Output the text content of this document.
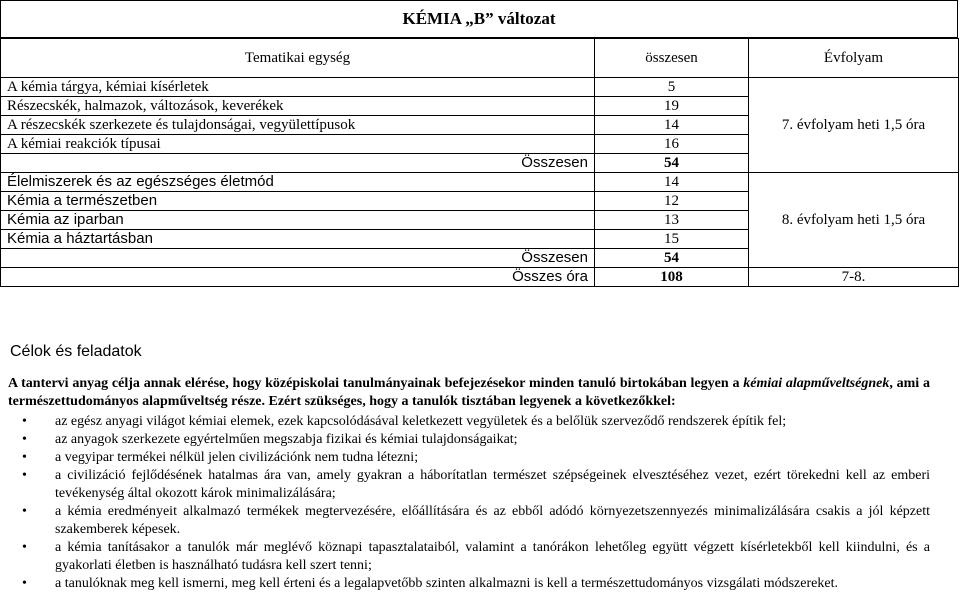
KÉMIA „B” változat
Tematikai egység	összesen	Évfolyam
A kémia tárgya, kémiai kísérletek	5	7. évfolyam heti 1,5 óra
Részecskék, halmazok, változások, keverékek	19	
A részecskék szerkezete és tulajdonságai, vegyülettípusok	14	
A kémiai reakciók típusai	16	
Összesen	54	
Élelmiszerek és az egészséges életmód	14	8. évfolyam heti 1,5 óra
Kémia a természetben	12	
Kémia az iparban	13	
Kémia a háztartásban	15	
Összesen	54	
Összes óra	108	7-8.
Célok és feladatok
A tantervi anyag célja annak elérése, hogy középiskolai tanulmányainak befejezésekor minden tanuló birtokában legyen a kémiai alapműveltségnek, ami a természettudományos alapműveltség része. Ezért szükséges, hogy a tanulók tisztában legyenek a következőkkel:
• az egész anyagi világot kémiai elemek, ezek kapcsolódásával keletkezett vegyületek és a belőlük szerveződő rendszerek építik fel;
• az anyagok szerkezete egyértelműen megszabja fizikai és kémiai tulajdonságaikat;
• a vegyipar termékei nélkül jelen civilizációnk nem tudna létezni;
• a civilizáció fejlődésének hatalmas ára van, amely gyakran a háborítatlan természet szépségeinek elvesztéséhez vezet, ezért törekedni kell az emberi tevékenység által okozott károk minimalizálására;
• a kémia eredményeit alkalmazó termékek megtervezésére, előállítására és az ebből adódó környezetszennyezés minimalizálására csakis a jól képzett szakemberek képesek.
• a kémia tanításakor a tanulók már meglévő köznapi tapasztalataiból, valamint a tanórákon lehetőleg együtt végzett kísérletekből kell kiindulni, és a gyakorlati életben is használható tudásra kell szert tenni;
• a tanulóknak meg kell ismerni, meg kell érteni és a legalapvetőbb szinten alkalmazni is kell a természettudományos vizsgálati módszereket.
